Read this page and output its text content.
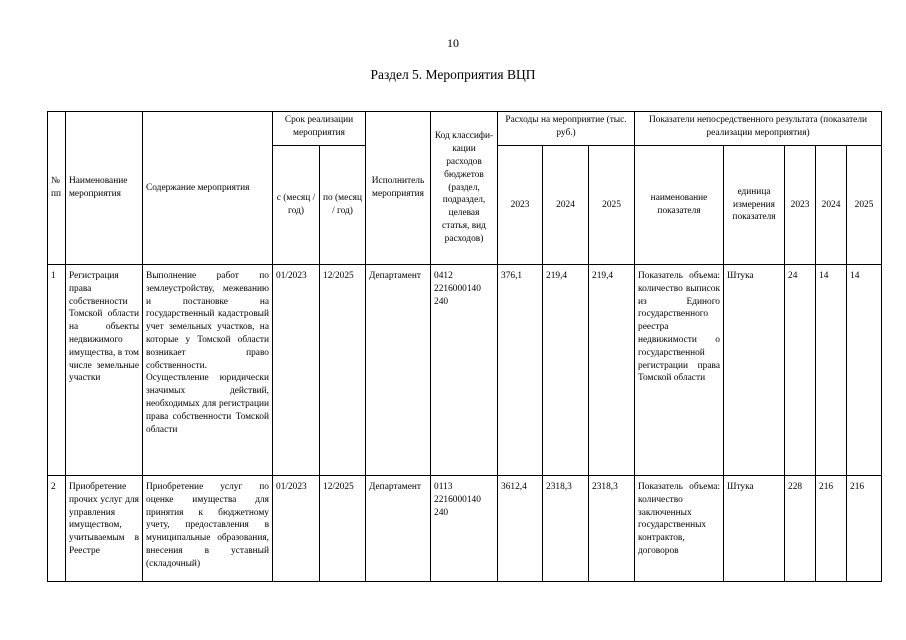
10
Раздел 5. Мероприятия ВЦП
№ пп	Наименование мероприятия	Содержание мероприятия	Срок реализации мероприятия		Исполнитель мероприятия	Код классифи-кации расходов бюджетов (раздел, подраздел, целевая статья, вид расходов)	Расходы на мероприятие (тыс. руб.)			Показатели непосредственного результата (показатели реализации мероприятия)				
			с (месяц / год)	по (месяц / год)			2023	2024	2025	наименование показателя	единица измерения показателя	2023	2024	2025
1	Регистрация права собственности Томской области на объекты недвижимого имущества, в том числе земельные участки	Выполнение работ по землеустройству, межеванию и постановке на государственный кадастровый учет земельных участков, на которые у Томской области возникает право собственности. Осуществление юридически значимых действий, необходимых для регистрации права собственности Томской области	01/2023	12/2025	Департамент	0412 2216000140 240	376,1	219,4	219,4	Показатель объема: количество выписок из Единого государственного реестра недвижимости о государственной регистрации права Томской области	Штука	24	14	14
2	Приобретение прочих услуг для управления имуществом, учитываемым в Реестре	Приобретение услуг по оценке имущества для принятия к бюджетному учету, предоставления в муниципальные образования, внесения в уставный (складочный)	01/2023	12/2025	Департамент	0113 2216000140 240	3612,4	2318,3	2318,3	Показатель объема: количество заключенных государственных контрактов, договоров	Штука	228	216	216
